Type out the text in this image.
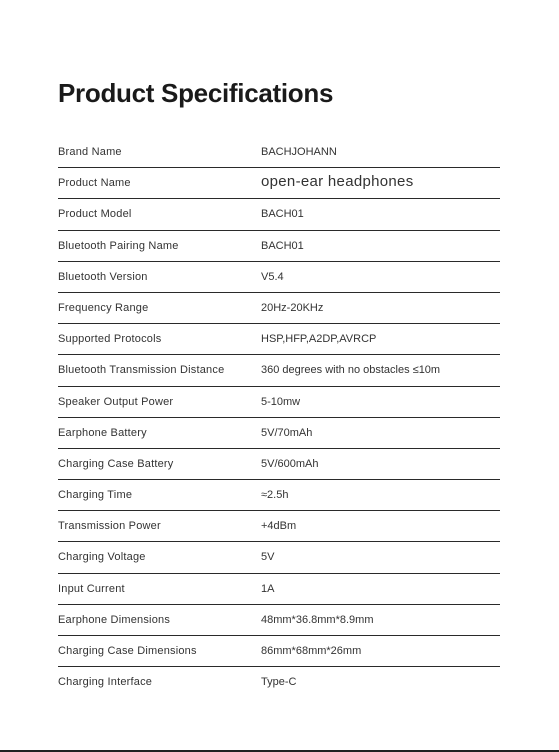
Product Specifications
Brand Name	BACHJOHANN
Product Name	open-ear headphones
Product Model	BACH01
Bluetooth Pairing Name	BACH01
Bluetooth Version	V5.4
Frequency Range	20Hz-20KHz
Supported Protocols	HSP,HFP,A2DP,AVRCP
Bluetooth Transmission Distance	360 degrees with no obstacles ≤10m
Speaker Output Power	5-10mw
Earphone Battery	5V/70mAh
Charging Case Battery	5V/600mAh
Charging Time	≈2.5h
Transmission Power	+4dBm
Charging Voltage	5V
Input Current	1A
Earphone Dimensions	48mm*36.8mm*8.9mm
Charging Case Dimensions	86mm*68mm*26mm
Charging Interface	Type-C
